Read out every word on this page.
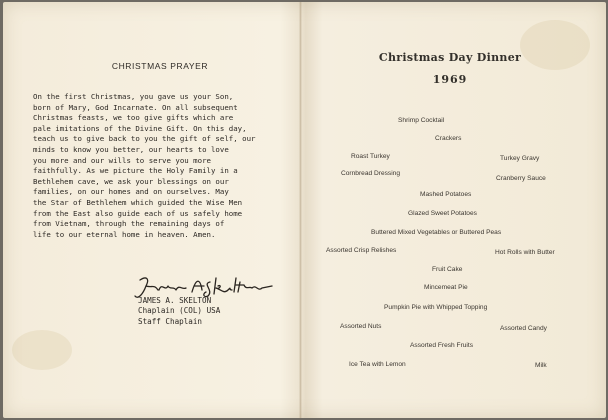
CHRISTMAS PRAYER

On the first Christmas, you gave us your Son,

born of Mary, God Incarnate. On all subsequent

Christmas feasts, we too give gifts which are

pale imitations of the Divine Gift. On this day,

teach us to give back to you the gift of self, our

minds to know you better, our hearts to love

you more and our wills to serve you more

faithfully. As we picture the Holy Family in a

Bethlehem cave, we ask your blessings on our

families, on our homes and on ourselves. May

the Star of Bethlehem which guided the Wise Men

from the East also guide each of us safely home

from Vietnam, through the remaining days of

life to our eternal home in heaven. Amen.

JAMES A. SKELTON
Chaplain (COL) USA
Staff Chaplain
Christmas Day Dinner
1969
Shrimp Cocktail
Crackers
Roast Turkey	Turkey Gravy
Cornbread Dressing
Cranberry Sauce
Mashed Potatoes
Glazed Sweet Potatoes
Buttered Mixed Vegetables or Buttered Peas
Assorted Crisp Relishes	Hot Rolls with Butter
Fruit Cake
Mincemeat Pie
Pumpkin Pie with Whipped Topping
Assorted Nuts	Assorted Candy
Assorted Fresh Fruits
Ice Tea with Lemon	Milk
